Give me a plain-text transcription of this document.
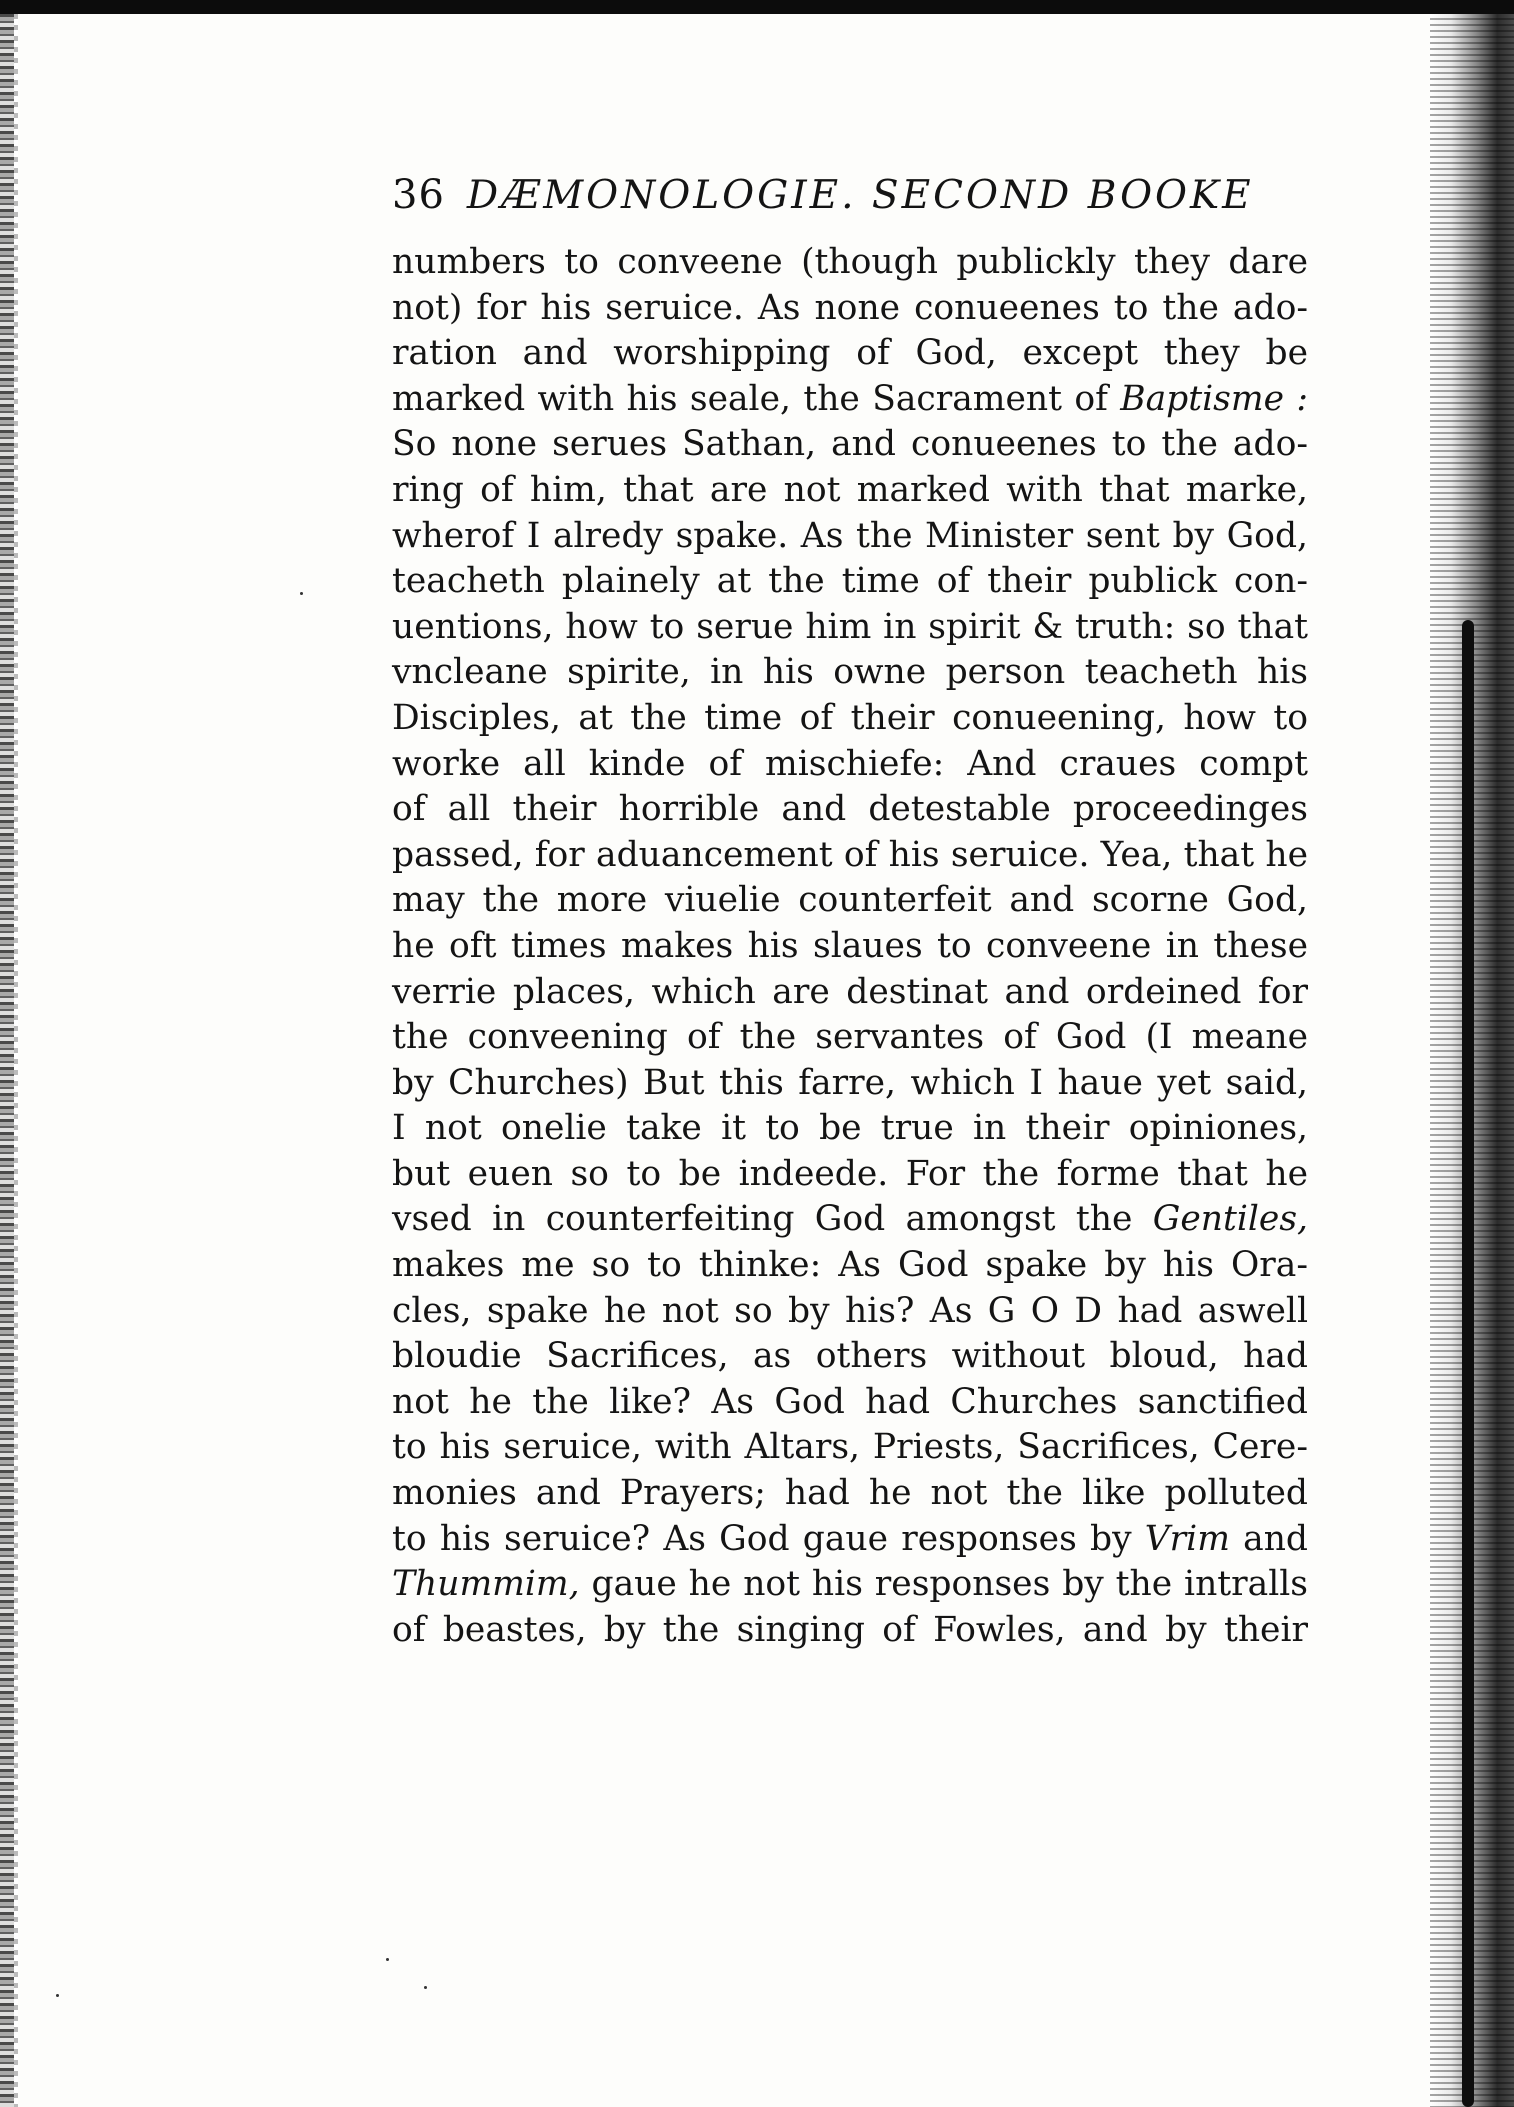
36 DÆMONOLOGIE. SECOND BOOKE
numbers to conveene (though publickly they dare
not) for his seruice. As none conueenes to the ado-
ration and worshipping of God, except they be
marked with his seale, the Sacrament of Baptisme :
So none serues Sathan, and conueenes to the ado-
ring of him, that are not marked with that marke,
wherof I alredy spake. As the Minister sent by God,
teacheth plainely at the time of their publick con-
uentions, how to serue him in spirit & truth: so that
vncleane spirite, in his owne person teacheth his
Disciples, at the time of their conueening, how to
worke all kinde of mischiefe: And craues compt
of all their horrible and detestable proceedinges
passed, for aduancement of his seruice. Yea, that he
may the more viuelie counterfeit and scorne God,
he oft times makes his slaues to conveene in these
verrie places, which are destinat and ordeined for
the conveening of the servantes of God (I meane
by Churches) But this farre, which I haue yet said,
I not onelie take it to be true in their opiniones,
but euen so to be indeede. For the forme that he
vsed in counterfeiting God amongst the Gentiles,
makes me so to thinke: As God spake by his Ora-
cles, spake he not so by his? As G O D had aswell
bloudie Sacrifices, as others without bloud, had
not he the like? As God had Churches sanctified
to his seruice, with Altars, Priests, Sacrifices, Cere-
monies and Prayers; had he not the like polluted
to his seruice? As God gaue responses by Vrim and
Thummim, gaue he not his responses by the intralls
of beastes, by the singing of Fowles, and by their
